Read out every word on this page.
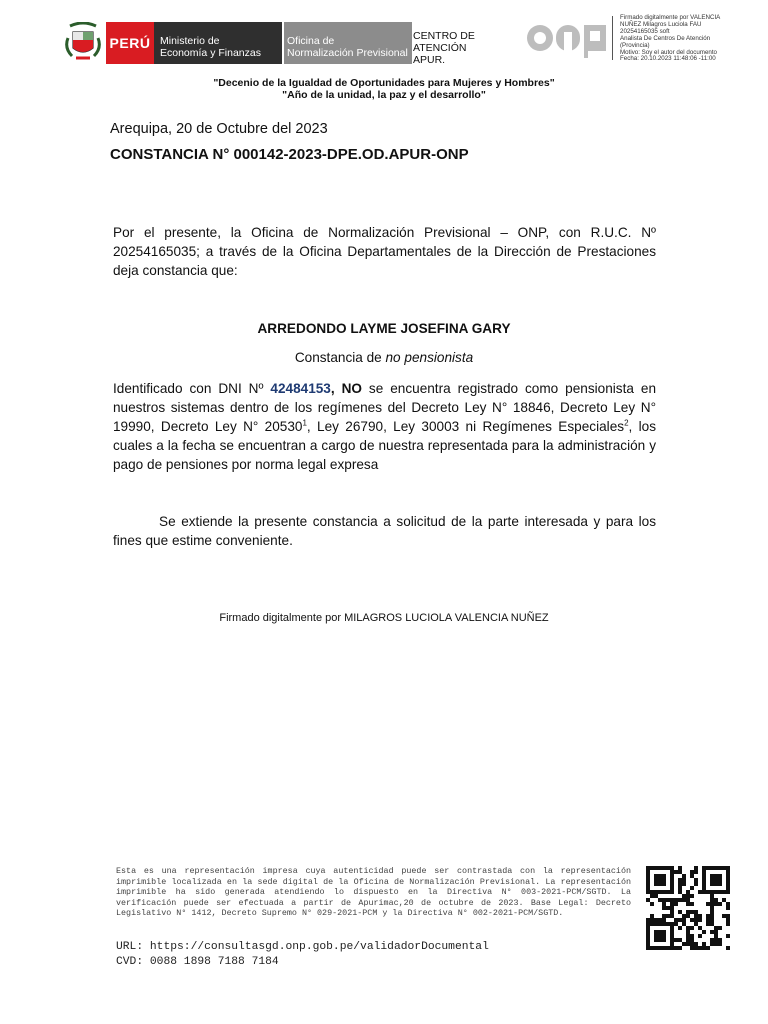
PERÚ Ministerio de
Economía y Finanzas
Oficina de
Normalización Previsional
CENTRO DE ATENCIÓN
APUR.
Firmado digitalmente por VALENCIA
NUÑEZ Milagros Luciola FAU
20254165035 soft
Analista De Centros De Atención
(Provincia)
Motivo: Soy el autor del documento
Fecha: 20.10.2023 11:48:06 -11:00
"Decenio de la Igualdad de Oportunidades para Mujeres y Hombres"
"Año de la unidad, la paz y el desarrollo"
Arequipa, 20 de Octubre del 2023
CONSTANCIA N° 000142-2023-DPE.OD.APUR-ONP
Por el presente, la Oficina de Normalización Previsional – ONP, con R.U.C. Nº 20254165035; a través de la Oficina Departamentales de la Dirección de Prestaciones deja constancia que:
ARREDONDO LAYME JOSEFINA GARY
Constancia de no pensionista
Identificado con DNI Nº 42484153, NO se encuentra registrado como pensionista en nuestros sistemas dentro de los regímenes del Decreto Ley N° 18846, Decreto Ley N° 19990, Decreto Ley N° 20530$^1$, Ley 26790, Ley 30003 ni Regímenes Especiales$^2$, los cuales a la fecha se encuentran a cargo de nuestra representada para la administración y pago de pensiones por norma legal expresa
Se extiende la presente constancia a solicitud de la parte interesada y para los fines que estime conveniente.
Firmado digitalmente por MILAGROS LUCIOLA VALENCIA NUÑEZ
Esta es una representación impresa cuya autenticidad puede ser contrastada con la representación imprimible localizada en la sede digital de la Oficina de Normalización Previsional. La representación imprimible ha sido generada atendiendo lo dispuesto en la Directiva N° 003-2021-PCM/SGTD. La verificación puede ser efectuada a partir de Apurimac,20 de octubre de 2023. Base Legal: Decreto Legislativo N° 1412, Decreto Supremo N° 029-2021-PCM y la Directiva N° 002-2021-PCM/SGTD.
URL: https://consultasgd.onp.gob.pe/validadorDocumental
CVD: 0088 1898 7188 7184
